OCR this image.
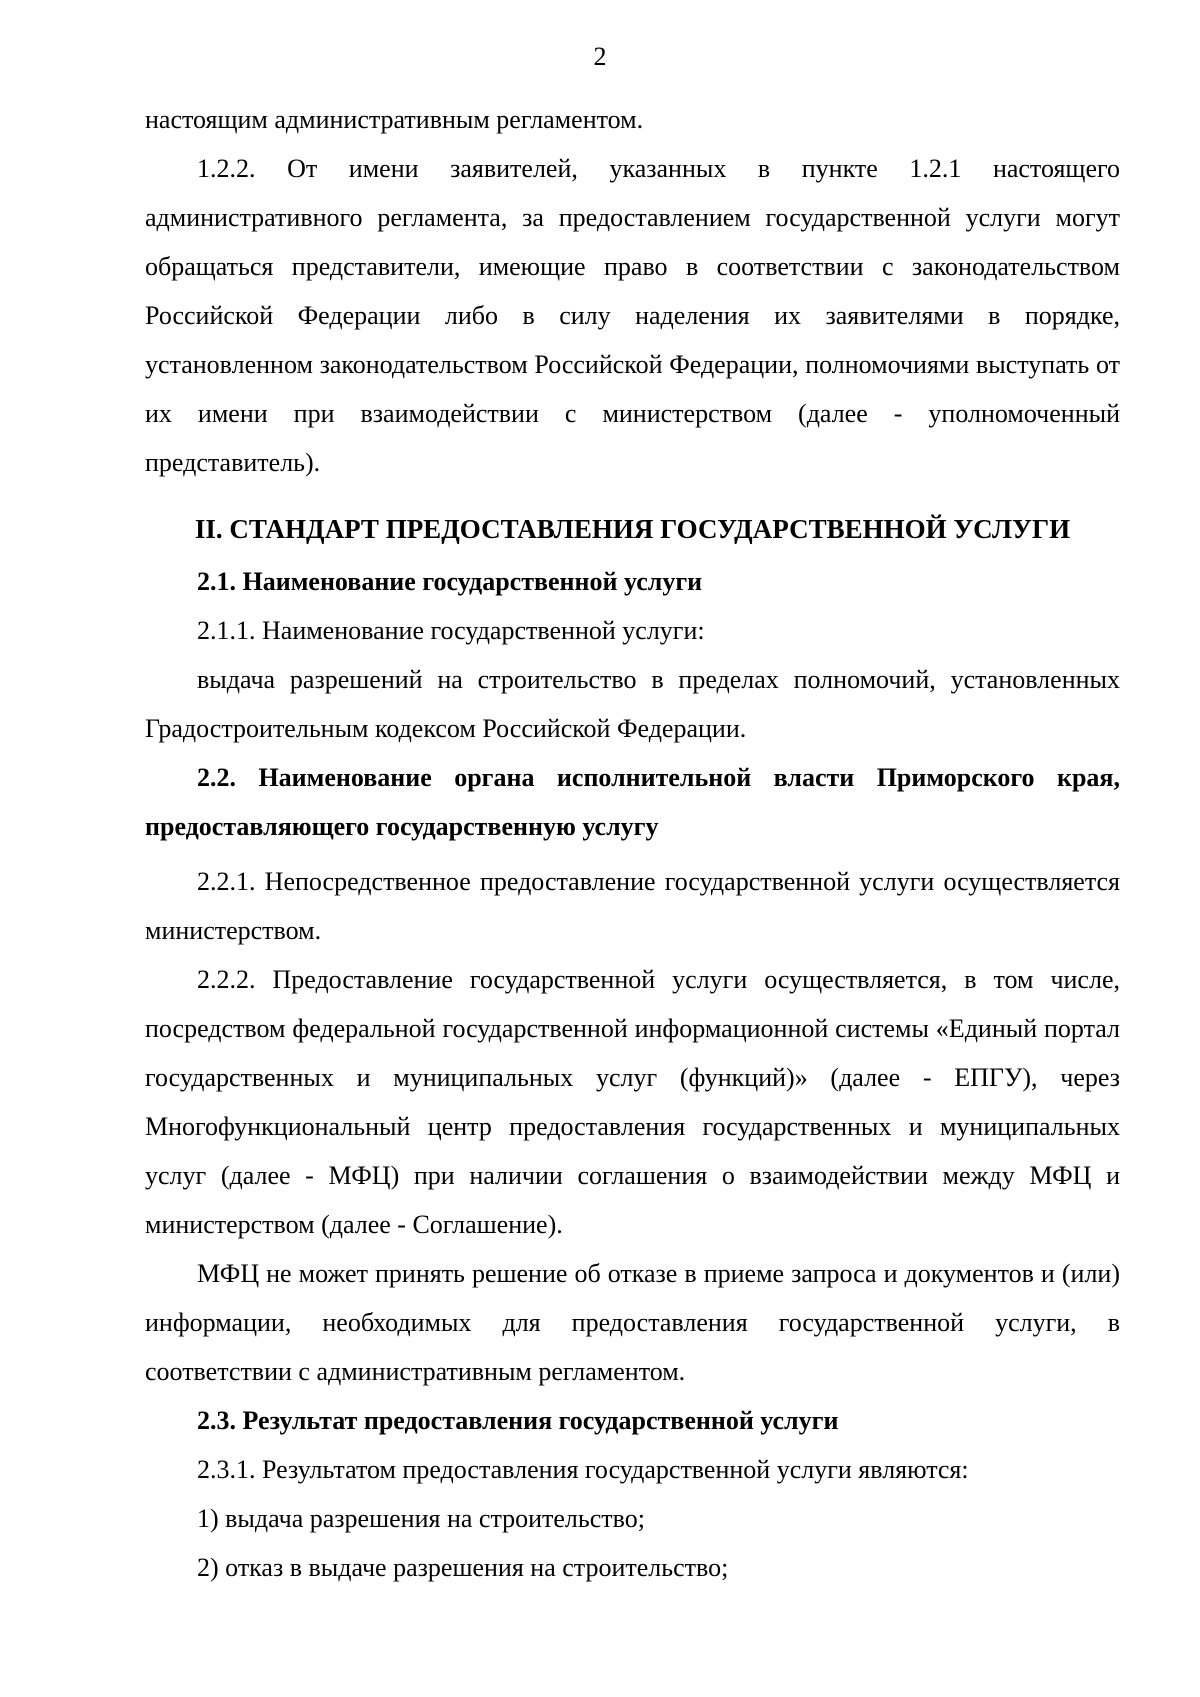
2

настоящим административным регламентом.

1.2.2. От имени заявителей, указанных в пункте 1.2.1 настоящего административного регламента, за предоставлением государственной услуги могут обращаться представители, имеющие право в соответствии с законодательством Российской Федерации либо в силу наделения их заявителями в порядке, установленном законодательством Российской Федерации, полномочиями выступать от их имени при взаимодействии с министерством (далее - уполномоченный представитель).

II. СТАНДАРТ ПРЕДОСТАВЛЕНИЯ ГОСУДАРСТВЕННОЙ УСЛУГИ

2.1. Наименование государственной услуги

2.1.1. Наименование государственной услуги:

выдача разрешений на строительство в пределах полномочий, установленных Градостроительным кодексом Российской Федерации.

2.2. Наименование органа исполнительной власти Приморского края, предоставляющего государственную услугу

2.2.1. Непосредственное предоставление государственной услуги осуществляется министерством.

2.2.2. Предоставление государственной услуги осуществляется, в том числе, посредством федеральной государственной информационной системы «Единый портал государственных и муниципальных услуг (функций)» (далее - ЕПГУ), через Многофункциональный центр предоставления государственных и муниципальных услуг (далее - МФЦ) при наличии соглашения о взаимодействии между МФЦ и министерством (далее - Соглашение).

МФЦ не может принять решение об отказе в приеме запроса и документов и (или) информации, необходимых для предоставления государственной услуги, в соответствии с административным регламентом.

2.3. Результат предоставления государственной услуги

2.3.1. Результатом предоставления государственной услуги являются:

1) выдача разрешения на строительство;

2) отказ в выдаче разрешения на строительство;
